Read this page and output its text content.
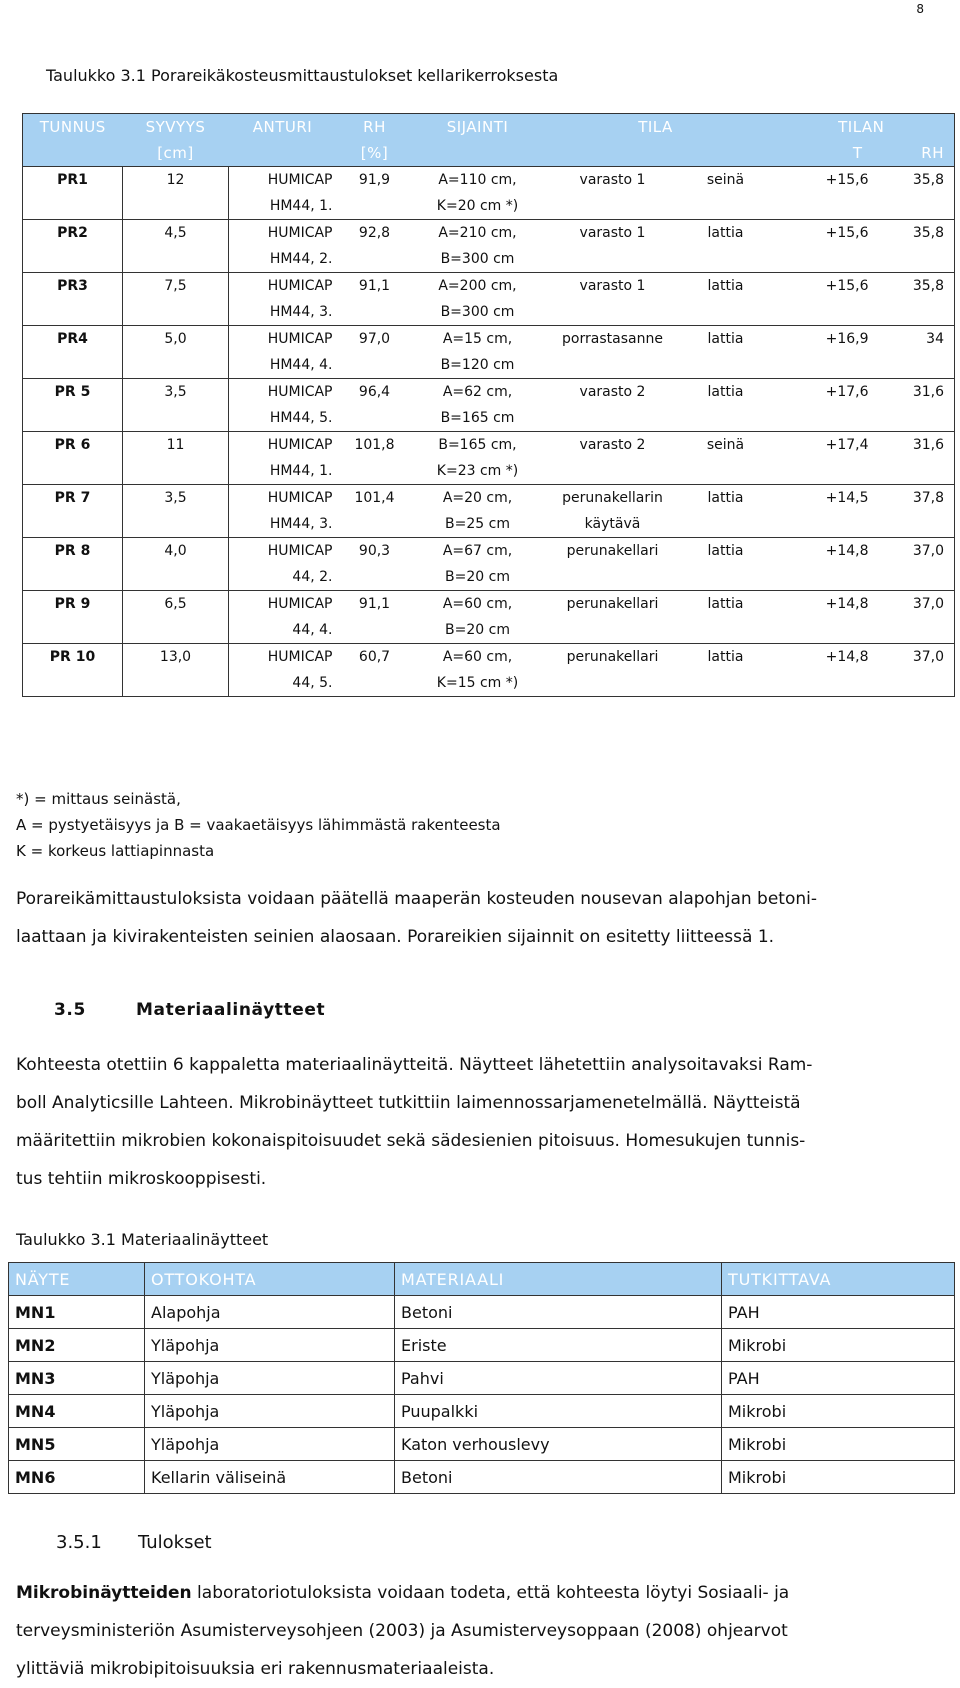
8
Taulukko 3.1 Porareikäkosteusmittaustulokset kellarikerroksesta
TUNNUS	SYVYYS	ANTURI	RH	SIJAINTI	TILA		TILAN	
	[cm]		[%]				T	RH
PR1	12	HUMICAP	91,9	A=110 cm,	varasto 1	seinä	+15,6	35,8
		HM44, 1.		K=20 cm *)				
PR2	4,5	HUMICAP	92,8	A=210 cm,	varasto 1	lattia	+15,6	35,8
		HM44, 2.		B=300 cm				
PR3	7,5	HUMICAP	91,1	A=200 cm,	varasto 1	lattia	+15,6	35,8
		HM44, 3.		B=300 cm				
PR4	5,0	HUMICAP	97,0	A=15 cm,	porrastasanne	lattia	+16,9	34
		HM44, 4.		B=120 cm				
PR 5	3,5	HUMICAP	96,4	A=62 cm,	varasto 2	lattia	+17,6	31,6
		HM44, 5.		B=165 cm				
PR 6	11	HUMICAP	101,8	B=165 cm,	varasto 2	seinä	+17,4	31,6
		HM44, 1.		K=23 cm *)				
PR 7	3,5	HUMICAP	101,4	A=20 cm,	perunakellarin	lattia	+14,5	37,8
		HM44, 3.		B=25 cm	käytävä			
PR 8	4,0	HUMICAP	90,3	A=67 cm,	perunakellari	lattia	+14,8	37,0
		44, 2.		B=20 cm				
PR 9	6,5	HUMICAP	91,1	A=60 cm,	perunakellari	lattia	+14,8	37,0
		44, 4.		B=20 cm				
PR 10	13,0	HUMICAP	60,7	A=60 cm,	perunakellari	lattia	+14,8	37,0
		44, 5.		K=15 cm *)				
*) = mittaus seinästä,
A = pystyetäisyys ja B = vaakaetäisyys lähimmästä rakenteesta
K = korkeus lattiapinnasta
Porareikämittaustuloksista voidaan päätellä maaperän kosteuden nousevan alapohjan betoni-
laattaan ja kivirakenteisten seinien alaosaan. Porareikien sijainnit on esitetty liitteessä 1.
3.5	Materiaalinäytteet
Kohteesta otettiin 6 kappaletta materiaalinäytteitä. Näytteet lähetettiin analysoitavaksi Ram-
boll Analyticsille Lahteen. Mikrobinäytteet tutkittiin laimennossarjamenetelmällä. Näytteistä
määritettiin mikrobien kokonaispitoisuudet sekä sädesienien pitoisuus. Homesukujen tunnis-
tus tehtiin mikroskooppisesti.
Taulukko 3.1 Materiaalinäytteet
NÄYTE	OTTOKOHTA	MATERIAALI	TUTKITTAVA
MN1	Alapohja	Betoni	PAH
MN2	Yläpohja	Eriste	Mikrobi
MN3	Yläpohja	Pahvi	PAH
MN4	Yläpohja	Puupalkki	Mikrobi
MN5	Yläpohja	Katon verhouslevy	Mikrobi
MN6	Kellarin väliseinä	Betoni	Mikrobi
3.5.1 Tulokset
Mikrobinäytteiden laboratoriotuloksista voidaan todeta, että kohteesta löytyi Sosiaali- ja
terveysministeriön Asumisterveysohjeen (2003) ja Asumisterveysoppaan (2008) ohjearvot
ylittäviä mikrobipitoisuuksia eri rakennusmateriaaleista.
